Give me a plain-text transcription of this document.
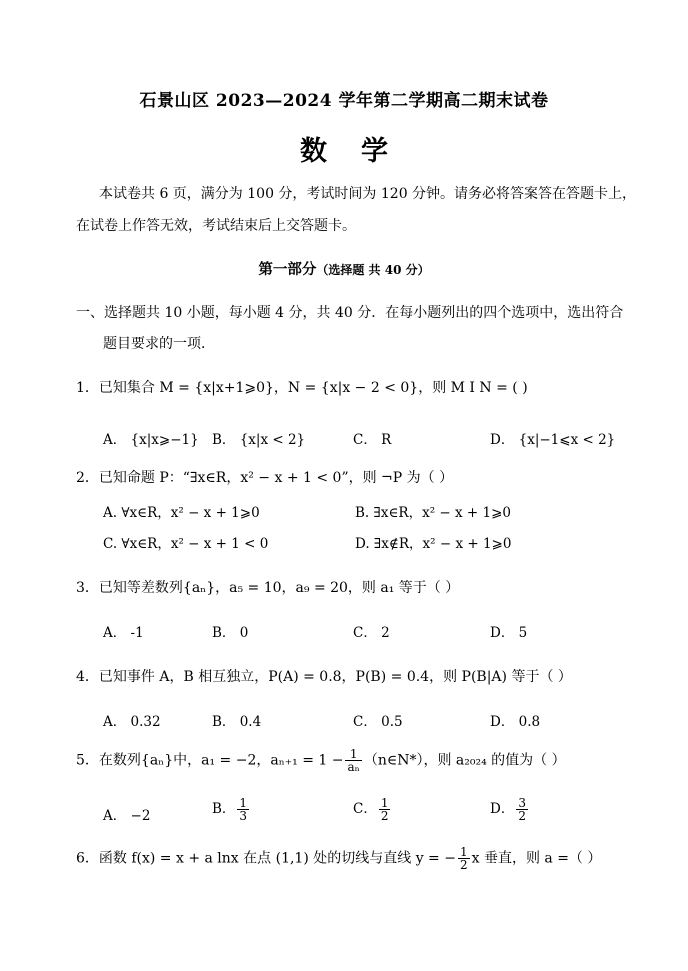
石景山区 2023—2024 学年第二学期高二期末试卷
数学
本试卷共 6 页，满分为 100 分，考试时间为 120 分钟。请务必将答案答在答题卡上，
在试卷上作答无效，考试结束后上交答题卡。
第一部分（选择题 共 40 分）
一、选择题共 10 小题，每小题 4 分，共 40 分．在每小题列出的四个选项中，选出符合
题目要求的一项．
1．已知集合 M = {x|x+1⩾0}，N = {x|x − 2 < 0}，则 M I N = ( )
A． {x|x⩾−1} B． {x|x < 2}	C． R	D． {x|−1⩽x < 2}
2．已知命题 P：“∃x∈R，x² − x + 1 < 0”，则 ¬P 为（ ）
A. ∀x∈R，x² − x + 1⩾0	B. ∃x∈R，x² − x + 1⩾0
C. ∀x∈R，x² − x + 1 < 0	D. ∃x∉R，x² − x + 1⩾0
3．已知等差数列{aₙ}，a₅ = 10，a₉ = 20，则 a₁ 等于（ ）
A． -1	B． 0	C． 2	D． 5
4．已知事件 A，B 相互独立，P(A) = 0.8，P(B) = 0.4，则 P(B|A) 等于（ ）
A． 0.32	B． 0.4	C． 0.5	D． 0.8
5．在数列{aₙ}中，a₁ = −2，$a_{n+1} = 1 - \frac{1}{\text{aₙ}}$ （n∈N*），则 a₂₀₂₄ 的值为（ ）
A． −2	B． $\frac{1}{3}$	C． $\frac{1}{2}$	D． $\frac{3}{2}$
6．函数 f(x) = x + a lnx 在点 (1,1) 处的切线与直线 y = − $\frac{1}{2}$ x 垂直，则 a =（ ）
